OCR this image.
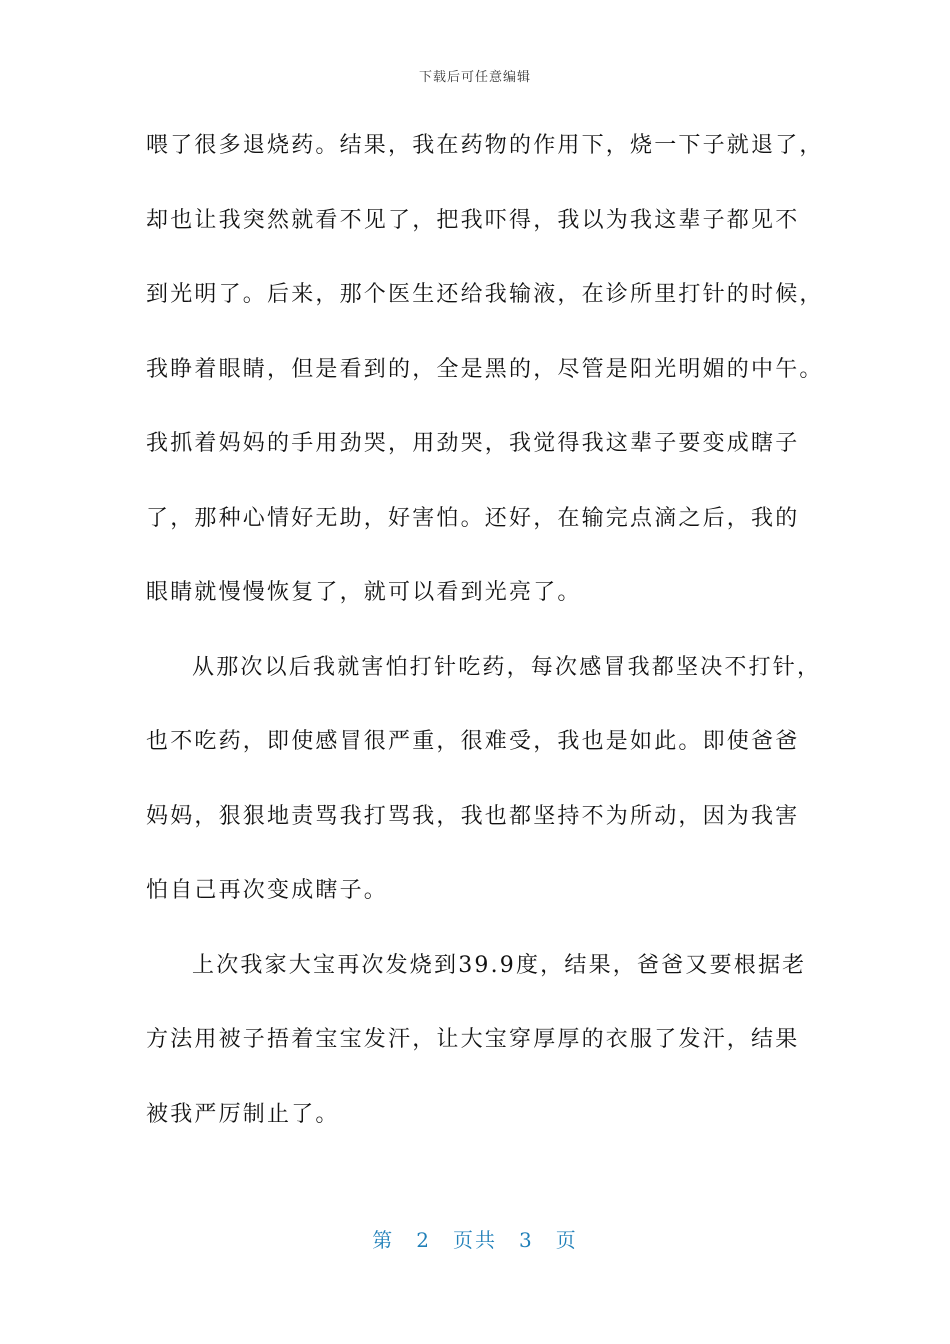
下载后可任意编辑
喂了很多退烧药。结果，我在药物的作用下，烧一下子就退了，
却也让我突然就看不见了，把我吓得，我以为我这辈子都见不
到光明了。后来，那个医生还给我输液，在诊所里打针的时候，
我睁着眼睛，但是看到的，全是黑的，尽管是阳光明媚的中午。
我抓着妈妈的手用劲哭，用劲哭，我觉得我这辈子要变成瞎子
了，那种心情好无助，好害怕。还好，在输完点滴之后，我的
眼睛就慢慢恢复了，就可以看到光亮了。
从那次以后我就害怕打针吃药，每次感冒我都坚决不打针，
也不吃药，即使感冒很严重，很难受，我也是如此。即使爸爸
妈妈，狠狠地责骂我打骂我，我也都坚持不为所动，因为我害
怕自己再次变成瞎子。
上次我家大宝再次发烧到39.9度，结果，爸爸又要根据老
方法用被子捂着宝宝发汗，让大宝穿厚厚的衣服了发汗，结果
被我严厉制止了。
第 2 页共 3 页
